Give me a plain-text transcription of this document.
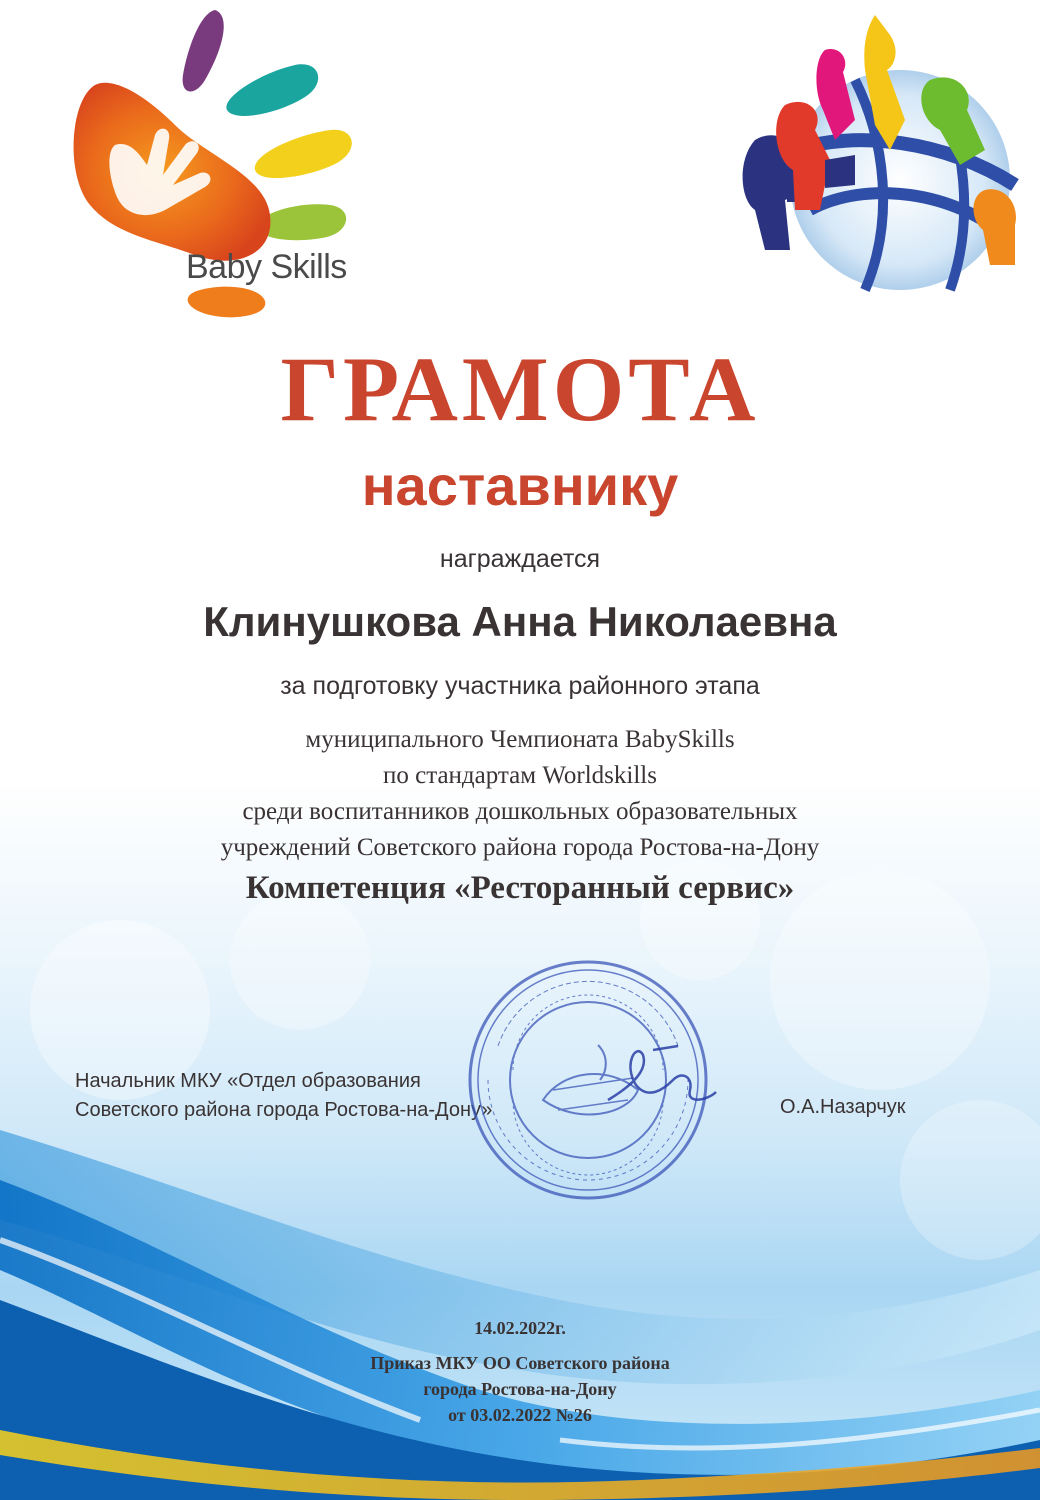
Baby Skills
ГРАМОТА
наставнику

награждается

Клинушкова Анна Николаевна

за подготовку участника районного этапа

муниципального Чемпионата BabySkills
по стандартам Worldskills
среди воспитанников дошкольных образовательных
учреждений Советского района города Ростова-на-Дону

Компетенция «Ресторанный сервис»

Начальник МКУ «Отдел образования
Советского района города Ростова-на-Дону»	О.А.Назарчук

14.02.2022г.

Приказ МКУ ОО Советского района
города Ростова-на-Дону
от 03.02.2022 №26
